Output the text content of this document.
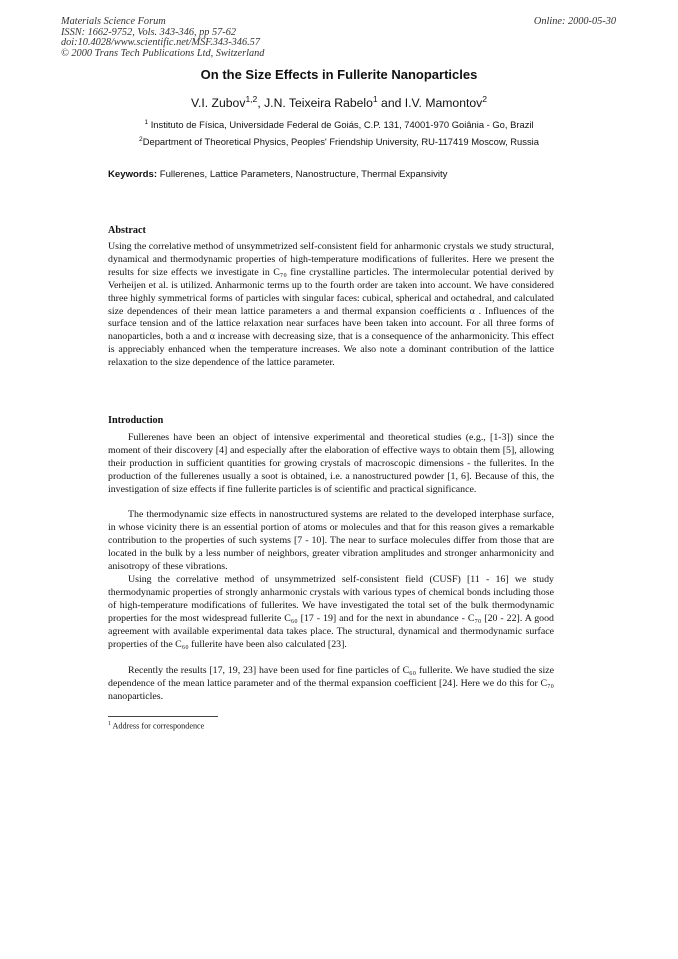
Materials Science Forum
ISSN: 1662-9752, Vols. 343-346, pp 57-62
doi:10.4028/www.scientific.net/MSF.343-346.57
© 2000 Trans Tech Publications Ltd, Switzerland
Online: 2000-05-30
On the Size Effects in Fullerite Nanoparticles
V.I. Zubov$^{1,2}$, J.N. Teixeira Rabelo$^1$ and I.V. Mamontov$^2$
$^1$ Instituto de Física, Universidade Federal de Goiás, C.P. 131, 74001-970 Goiânia - Go, Brazil
$^2$Department of Theoretical Physics, Peoples' Friendship University, RU-117419 Moscow, Russia
Keywords: Fullerenes, Lattice Parameters, Nanostructure, Thermal Expansivity
Abstract

Using the correlative method of unsymmetrized self-consistent field for anharmonic crystals we study structural, dynamical and thermodynamic properties of high-temperature modifications of fullerites. Here we present the results for size effects we investigate in C₇₀ fine crystalline particles. The intermolecular potential derived by Verheijen et al. is utilized. Anharmonic terms up to the fourth order are taken into account. We have considered three highly symmetrical forms of particles with singular faces: cubical, spherical and octahedral, and calculated size dependences of their mean lattice parameters a and thermal expansion coefficients α . Influences of the surface tension and of the lattice relaxation near surfaces have been taken into account. For all three forms of nanoparticles, both a and α increase with decreasing size, that is a consequence of the anharmonicity. This effect is appreciably enhanced when the temperature increases. We also note a dominant contribution of the lattice relaxation to the size dependence of the lattice parameter.

Introduction

Fullerenes have been an object of intensive experimental and theoretical studies (e.g., [1-3]) since the moment of their discovery [4] and especially after the elaboration of effective ways to obtain them [5], allowing their production in sufficient quantities for growing crystals of macroscopic dimensions - the fullerites. In the production of the fullerenes usually a soot is obtained, i.e. a nanostructured powder [1, 6]. Because of this, the investigation of size effects if fine fullerite particles is of scientific and practical significance.

The thermodynamic size effects in nanostructured systems are related to the developed interphase surface, in whose vicinity there is an essential portion of atoms or molecules and that for this reason gives a remarkable contribution to the properties of such systems [7 - 10]. The near to surface molecules differ from those that are located in the bulk by a less number of neighbors, greater vibration amplitudes and stronger anharmonicity and anisotropy of these vibrations.

Using the correlative method of unsymmetrized self-consistent field (CUSF) [11 - 16] we study thermodynamic properties of strongly anharmonic crystals with various types of chemical bonds including those of high-temperature modifications of fullerites. We have investigated the total set of the bulk thermodynamic properties for the most widespread fullerite C₆₀ [17 - 19] and for the next in abundance - C₇₀ [20 - 22]. A good agreement with available experimental data takes place. The structural, dynamical and thermodynamic surface properties of the C₆₀ fullerite have been also calculated [23].

Recently the results [17, 19, 23] have been used for fine particles of C₆₀ fullerite. We have studied the size dependence of the mean lattice parameter and of the thermal expansion coefficient [24]. Here we do this for C₇₀ nanoparticles.

$^1$ Address for correspondence
